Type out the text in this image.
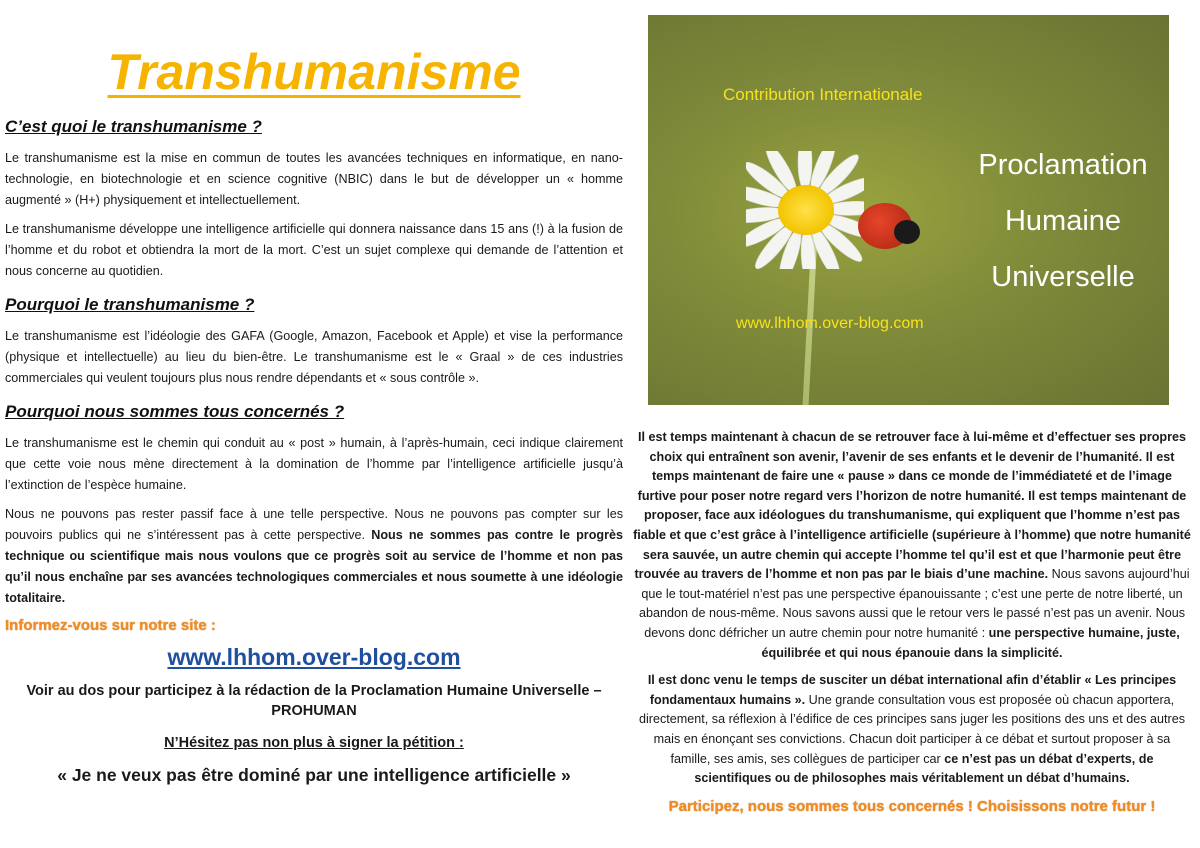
Transhumanisme
C’est quoi le transhumanisme ?

Le transhumanisme est la mise en commun de toutes les avancées techniques en informatique, en nano-technologie, en biotechnologie et en science cognitive (NBIC) dans le but de développer un « homme augmenté » (H+) physiquement et intellectuellement.

Le transhumanisme développe une intelligence artificielle qui donnera naissance dans 15 ans (!) à la fusion de l’homme et du robot et obtiendra la mort de la mort. C’est un sujet complexe qui demande de l’attention et nous concerne au quotidien.

Pourquoi le transhumanisme ?

Le transhumanisme est l’idéologie des GAFA (Google, Amazon, Facebook et Apple) et vise la performance (physique et intellectuelle) au lieu du bien-être. Le transhumanisme est le « Graal » de ces industries commerciales qui veulent toujours plus nous rendre dépendants et « sous contrôle ».

Pourquoi nous sommes tous concernés ?

Le transhumanisme est le chemin qui conduit au « post » humain, à l’après-humain, ceci indique clairement que cette voie nous mène directement à la domination de l’homme par l’intelligence artificielle jusqu’à l’extinction de l’espèce humaine.

Nous ne pouvons pas rester passif face à une telle perspective. Nous ne pouvons pas compter sur les pouvoirs publics qui ne s’intéressent pas à cette perspective. Nous ne sommes pas contre le progrès technique ou scientifique mais nous voulons que ce progrès soit au service de l’homme et non pas qu’il nous enchaîne par ses avancées technologiques commerciales et nous soumette à une idéologie totalitaire.

Informez-vous sur notre site :
www.lhhom.over-blog.com
Voir au dos pour participez à la rédaction de la Proclamation Humaine Universelle – PROHUMAN
N’Hésitez pas non plus à signer la pétition :
« Je ne veux pas être dominé par une intelligence artificielle »
Contribution Internationale
Proclamation
Humaine
Universelle
www.lhhom.over-blog.com

Il est temps maintenant à chacun de se retrouver face à lui-même et d’effectuer ses propres choix qui entraînent son avenir, l’avenir de ses enfants et le devenir de l’humanité. Il est temps maintenant de faire une « pause » dans ce monde de l’immédiateté et de l’image furtive pour poser notre regard vers l’horizon de notre humanité. Il est temps maintenant de proposer, face aux idéologues du transhumanisme, qui expliquent que l’homme n’est pas fiable et que c’est grâce à l’intelligence artificielle (supérieure à l’homme) que notre humanité sera sauvée, un autre chemin qui accepte l’homme tel qu’il est et que l’harmonie peut être trouvée au travers de l’homme et non pas par le biais d’une machine. Nous savons aujourd’hui que le tout-matériel n’est pas une perspective épanouissante ; c’est une perte de notre liberté, un abandon de nous-même. Nous savons aussi que le retour vers le passé n’est pas un avenir. Nous devons donc défricher un autre chemin pour notre humanité : une perspective humaine, juste, équilibrée et qui nous épanouie dans la simplicité.

Il est donc venu le temps de susciter un débat international afin d’établir « Les principes fondamentaux humains ». Une grande consultation vous est proposée où chacun apportera, directement, sa réflexion à l’édifice de ces principes sans juger les positions des uns et des autres mais en énonçant ses convictions. Chacun doit participer à ce débat et surtout proposer à sa famille, ses amis, ses collègues de participer car ce n’est pas un débat d’experts, de scientifiques ou de philosophes mais véritablement un débat d’humains.

Participez, nous sommes tous concernés ! Choisissons notre futur !
